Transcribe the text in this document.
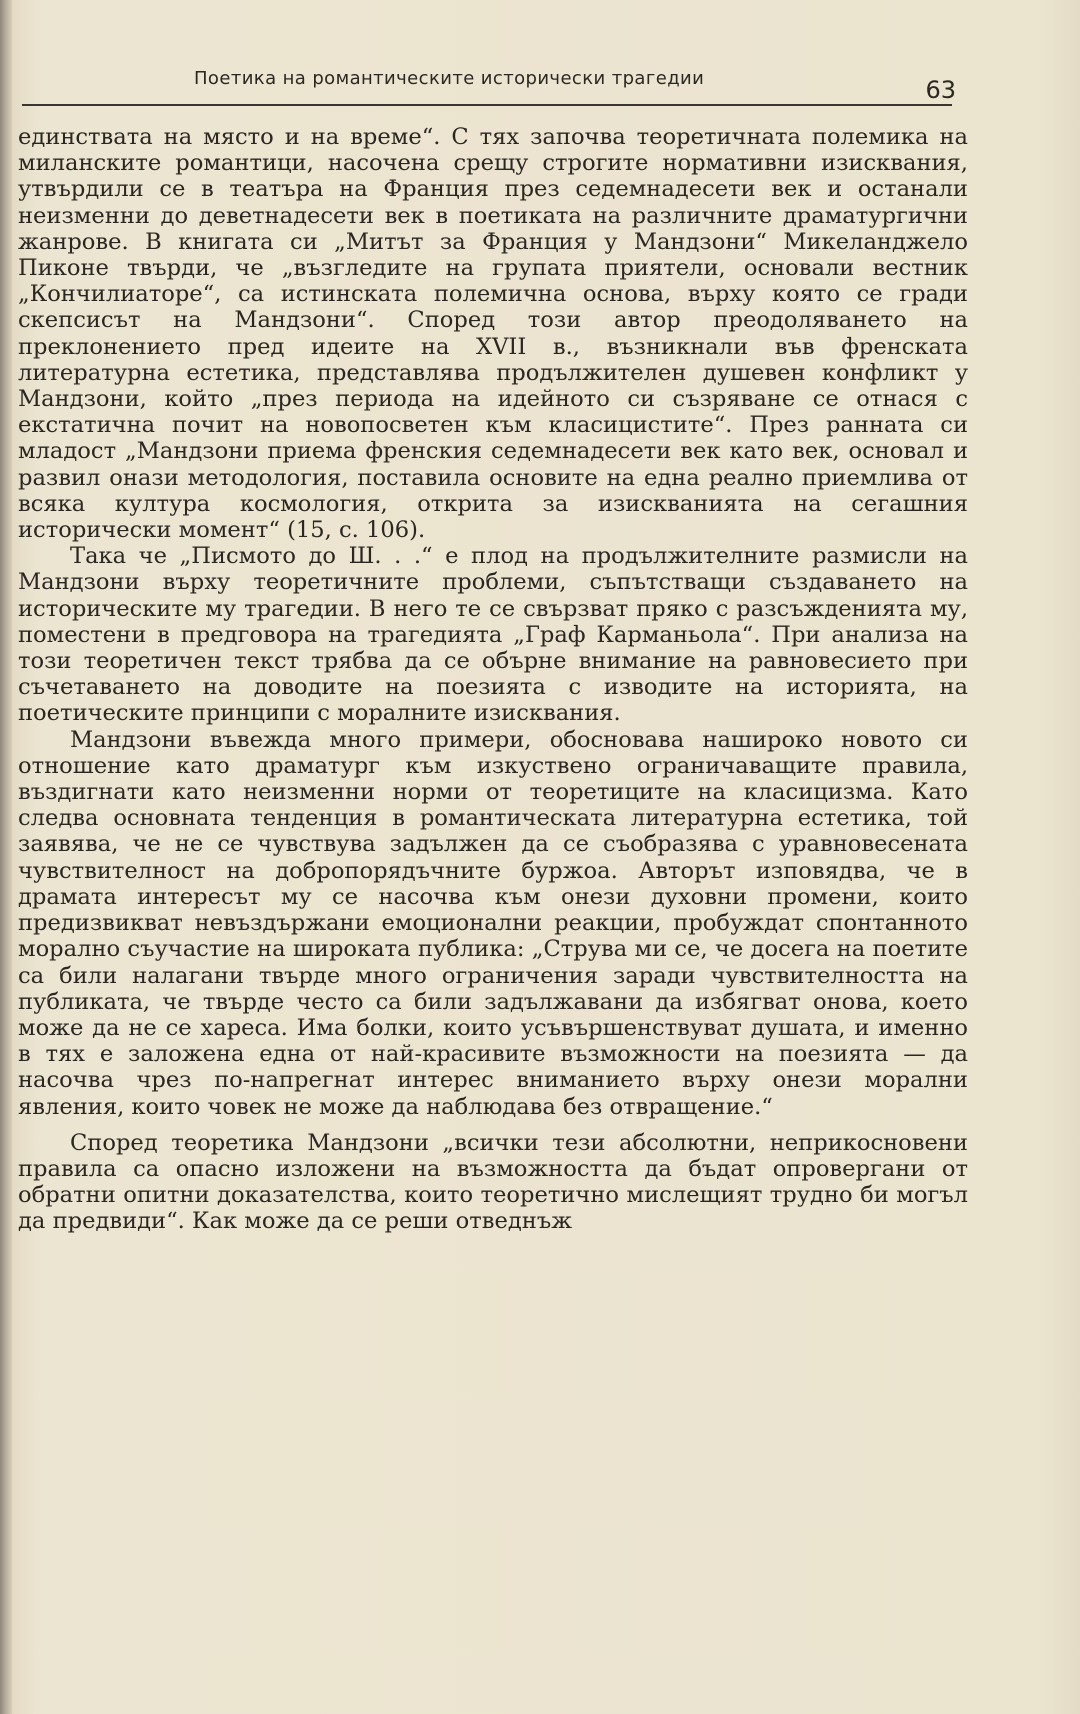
Поетика на романтическите исторически трагедии	63

единствата на място и на време“. С тях започва теоретичната полемика на миланските романтици, насочена срещу строгите нормативни изисквания, утвърдили се в театъра на Франция през седемнадесети век и останали неизменни до деветнадесети век в поетиката на различните драматургични жанрове. В книгата си „Митът за Франция у Мандзони“ Микеланджело Пиконе твърди, че „възгледите на групата приятели, основали вестник „Кончилиаторе“, са истинската полемична основа, върху която се гради скепсисът на Мандзони“. Според този автор преодоляването на преклонението пред идеите на XVII в., възникнали във френската литературна естетика, представлява продължителен душевен конфликт у Мандзони, който „през периода на идейното си съзряване се отнася с екстатична почит на новопосветен към класицистите“. През ранната си младост „Мандзони приема френския седемнадесети век като век, основал и развил онази методология, поставила основите на една реално приемлива от всяка култура космология, открита за изискванията на сегашния исторически момент“ (15, с. 106).

Така че „Писмото до Ш. . .“ е плод на продължителните размисли на Мандзони върху теоретичните проблеми, съпътстващи създаването на историческите му трагедии. В него те се свързват пряко с разсъжденията му, поместени в предговора на трагедията „Граф Карманьола“. При анализа на този теоретичен текст трябва да се обърне внимание на равновесието при съчетаването на доводите на поезията с изводите на историята, на поетическите принципи с моралните изисквания.

Мандзони въвежда много примери, обосновава нашироко новото си отношение като драматург към изкуствено ограничаващите правила, въздигнати като неизменни норми от теоретиците на класицизма. Като следва основната тенденция в романтическата литературна естетика, той заявява, че не се чувствува задължен да се съобразява с уравновесената чувствителност на добропорядъчните буржоа. Авторът изповядва, че в драмата интересът му се насочва към онези духовни промени, които предизвикват невъздържани емоционални реакции, пробуждат спонтанното морално съучастие на широката публика: „Струва ми се, че досега на поетите са били налагани твърде много ограничения заради чувствителността на публиката, че твърде често са били задължавани да избягват онова, което може да не се хареса. Има болки, които усъвършенствуват душата, и именно в тях е заложена една от най-красивите възможности на поезията — да насочва чрез по-напрегнат интерес вниманието върху онези морални явления, които човек не може да наблюдава без отвращение.“

Според теоретика Мандзони „всички тези абсолютни, неприкосновени правила са опасно изложени на възможността да бъдат опровергани от обратни опитни доказателства, които теоретично мислещият трудно би могъл да предвиди“. Как може да се реши отведнъж
